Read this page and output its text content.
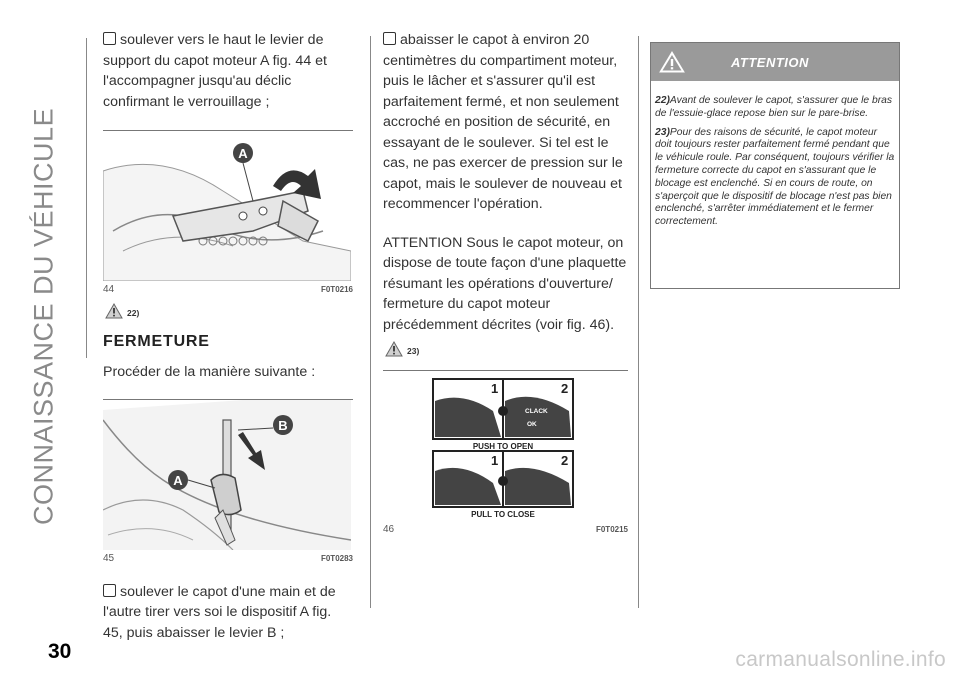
CONNAISSANCE DU VÉHICULE
30	carmanualsonline.info

soulever vers le haut le levier de support du capot moteur A fig. 44 et l'accompagner jusqu'au déclic confirmant le verrouillage ;

A
44	F0T0216
22)
FERMETURE

Procéder de la manière suivante :

B
A
45	F0T0283

soulever le capot d'une main et de l'autre tirer vers soi le dispositif A fig. 45, puis abaisser le levier B ;

abaisser le capot à environ 20 centimètres du compartiment moteur, puis le lâcher et s'assurer qu'il est parfaitement fermé, et non seulement accroché en position de sécurité, en essayant de le soulever. Si tel est le cas, ne pas exercer de pression sur le capot, mais le soulever de nouveau et recommencer l'opération.

ATTENTION Sous le capot moteur, on dispose de toute façon d'une plaquette résumant les opérations d'ouverture/ fermeture du capot moteur précédemment décrites (voir fig. 46).

23)
1	2
CLACK
OK
PUSH TO OPEN
1	2
PULL TO CLOSE
46	F0T0215
ATTENTION

22)Avant de soulever le capot, s'assurer que le bras de l'essuie-glace repose bien sur le pare-brise.

23)Pour des raisons de sécurité, le capot moteur doit toujours rester parfaitement fermé pendant que le véhicule roule. Par conséquent, toujours vérifier la fermeture correcte du capot en s'assurant que le blocage est enclenché. Si en cours de route, on s'aperçoit que le dispositif de blocage n'est pas bien enclenché, s'arrêter immédiatement et le fermer correctement.
